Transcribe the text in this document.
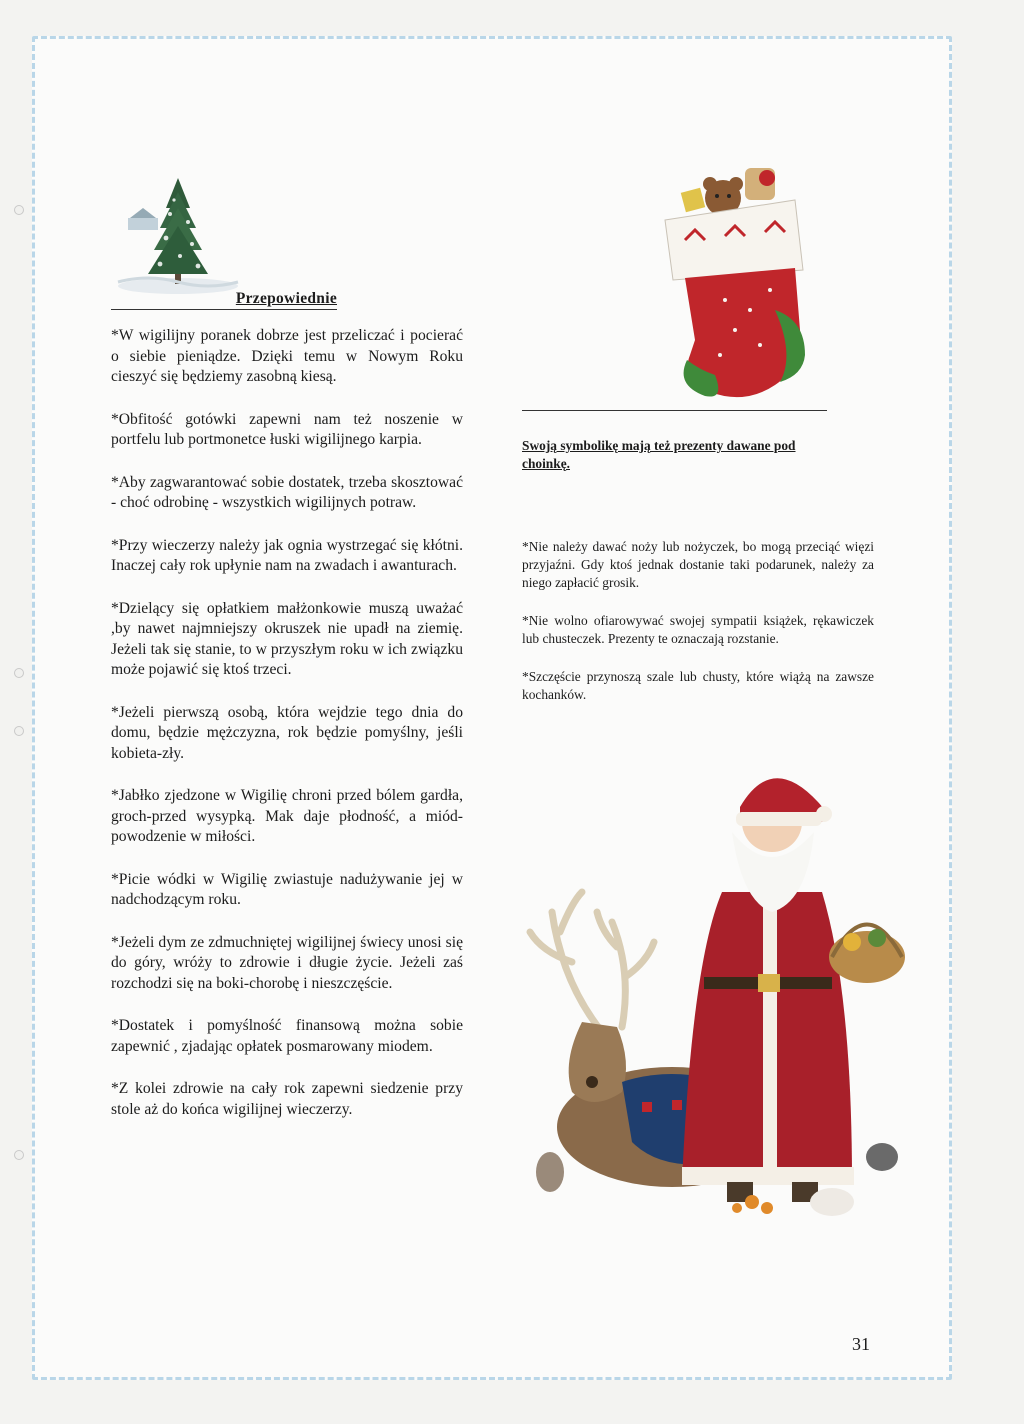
Przepowiednie

*W wigilijny poranek dobrze jest przeliczać i pocierać o siebie pieniądze. Dzięki temu w Nowym Roku cieszyć się będziemy zasobną kiesą.

*Obfitość gotówki zapewni nam też noszenie w portfelu lub portmonetce łuski wigilijnego karpia.

*Aby zagwarantować sobie dostatek, trzeba skosztować - choć odrobinę - wszystkich wigilijnych potraw.

*Przy wieczerzy należy jak ognia wystrzegać się kłótni. Inaczej cały rok upłynie nam na zwadach i awanturach.

*Dzielący się opłatkiem małżonkowie muszą uważać ,by nawet najmniejszy okruszek nie upadł na ziemię. Jeżeli tak się stanie, to w przyszłym roku w ich związku może pojawić się ktoś trzeci.

*Jeżeli pierwszą osobą, która wejdzie tego dnia do domu, będzie mężczyzna, rok będzie pomyślny, jeśli kobieta-zły.

*Jabłko zjedzone w Wigilię chroni przed bólem gardła, groch-przed wysypką. Mak daje płodność, a miód-powodzenie w miłości.

*Picie wódki w Wigilię zwiastuje nadużywanie jej w nadchodzącym roku.

*Jeżeli dym ze zdmuchniętej wigilijnej świecy unosi się do góry, wróży to zdrowie i długie życie. Jeżeli zaś rozchodzi się na boki-chorobę i nieszczęście.

*Dostatek i pomyślność finansową można sobie zapewnić , zjadając opłatek posmarowany miodem.

*Z kolei zdrowie na cały rok zapewni siedzenie przy stole aż do końca wigilijnej wieczerzy.

Swoją symbolikę mają też prezenty dawane pod choinkę.

*Nie należy dawać noży lub nożyczek, bo mogą przeciąć więzi przyjaźni. Gdy ktoś jednak dostanie taki podarunek, należy za niego zapłacić grosik.

*Nie wolno ofiarowywać swojej sympatii książek, rękawiczek lub chusteczek. Prezenty te oznaczają rozstanie.

*Szczęście przynoszą szale lub chusty, które wiążą na zawsze kochanków.

31
